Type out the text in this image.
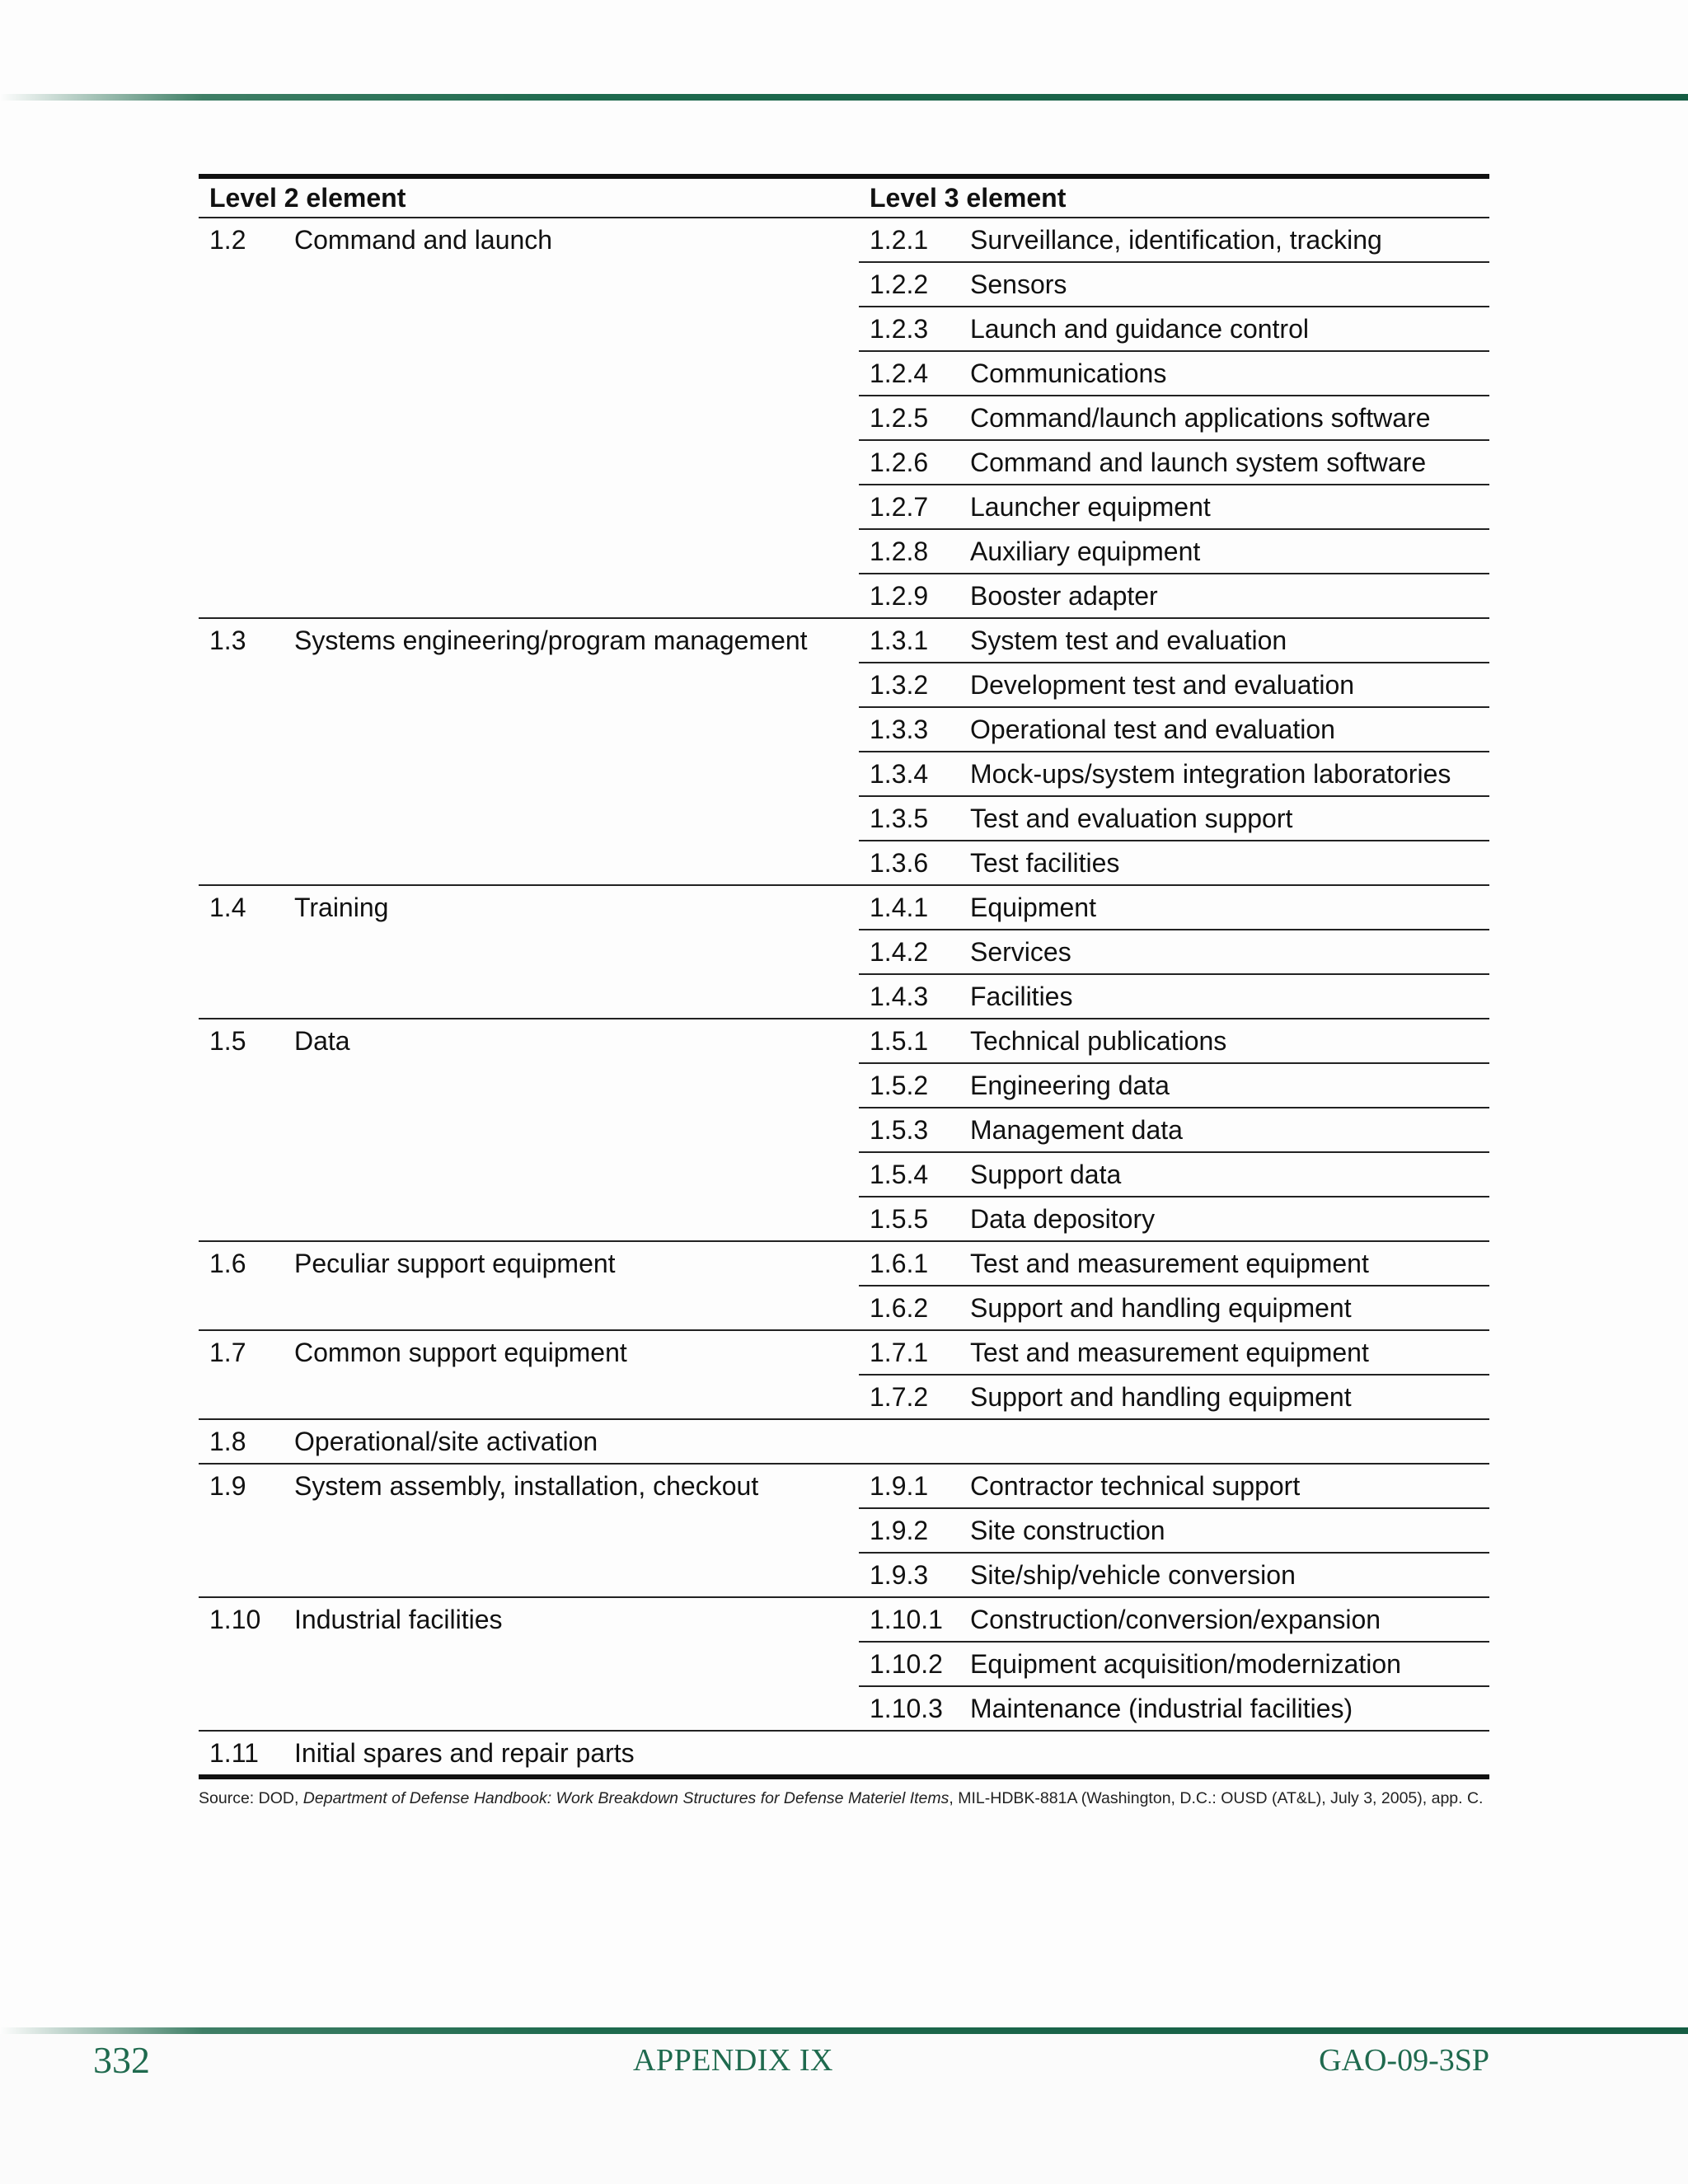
Level 2 element	Level 3 element
1.2 Command and launch	1.2.1 Surveillance, identification, tracking
1.2.2 Sensors
1.2.3 Launch and guidance control
1.2.4 Communications
1.2.5 Command/launch applications software
1.2.6 Command and launch system software
1.2.7 Launcher equipment
1.2.8 Auxiliary equipment
1.2.9 Booster adapter
1.3 Systems engineering/program management 1.3.1 System test and evaluation
1.3.2 Development test and evaluation
1.3.3 Operational test and evaluation
1.3.4 Mock-ups/system integration laboratories
1.3.5 Test and evaluation support
1.3.6 Test facilities
1.4 Training	1.4.1 Equipment
1.4.2 Services
1.4.3 Facilities
1.5 Data	1.5.1 Technical publications
1.5.2 Engineering data
1.5.3 Management data
1.5.4 Support data
1.5.5 Data depository
1.6 Peculiar support equipment	1.6.1 Test and measurement equipment
1.6.2 Support and handling equipment
1.7 Common support equipment	1.7.1 Test and measurement equipment
1.7.2 Support and handling equipment
1.8 Operational/site activation
1.9 System assembly, installation, checkout	1.9.1 Contractor technical support
1.9.2 Site construction
1.9.3 Site/ship/vehicle conversion
1.10 Industrial facilities	1.10.1 Construction/conversion/expansion
1.10.2 Equipment acquisition/modernization
1.10.3 Maintenance (industrial facilities)
1.11 Initial spares and repair parts
Source: DOD, Department of Defense Handbook: Work Breakdown Structures for Defense Materiel Items, MIL-HDBK-881A (Washington, D.C.: OUSD (AT&L), July 3, 2005), app. C.
332	APPENDIX IX	GAO-09-3SP
